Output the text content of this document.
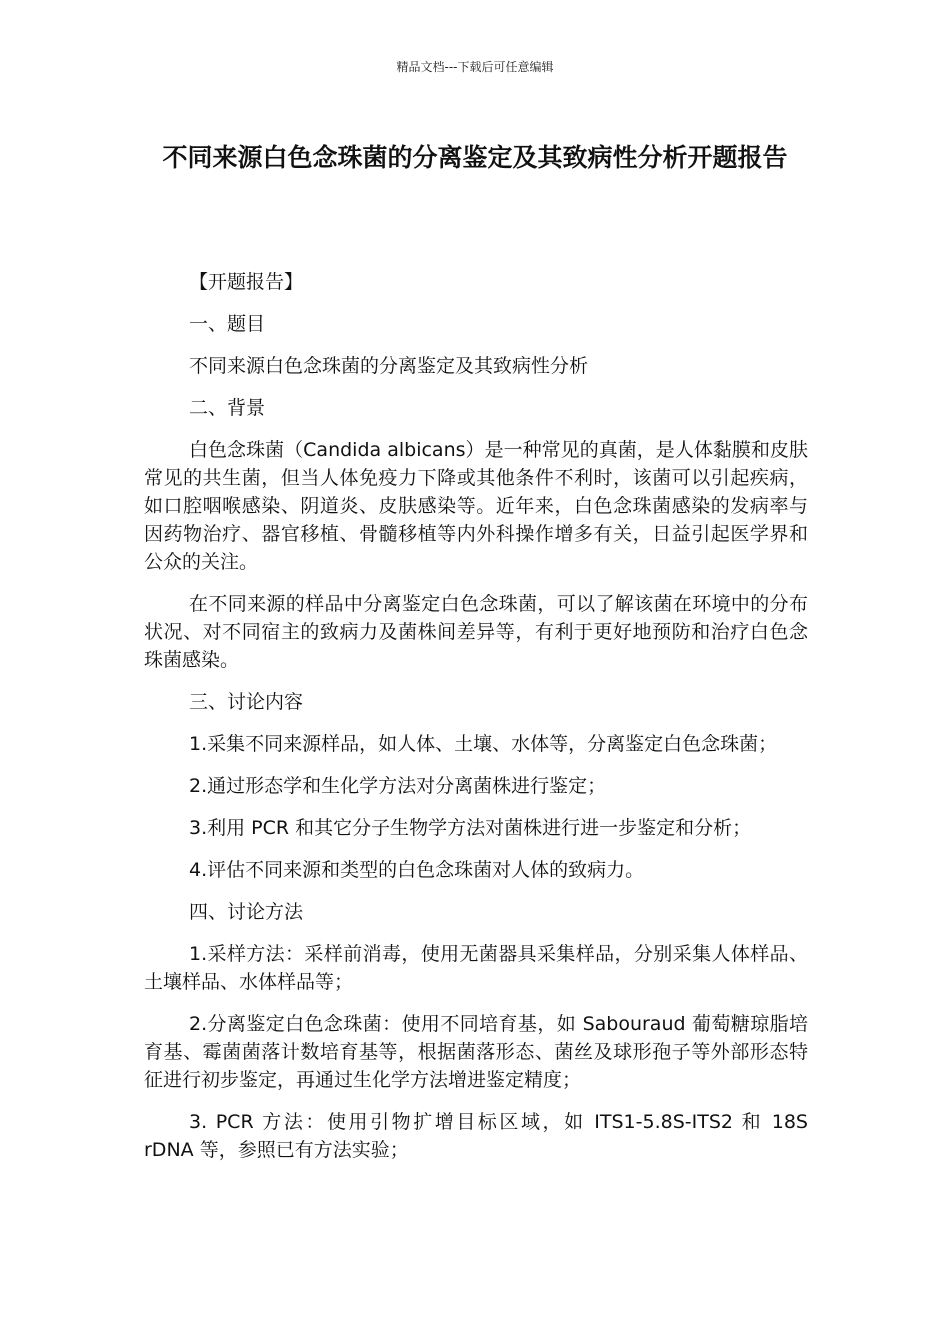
精品文档---下载后可任意编辑
不同来源白色念珠菌的分离鉴定及其致病性分析开题报告

【开题报告】

一、题目

不同来源白色念珠菌的分离鉴定及其致病性分析

二、背景

白色念珠菌（Candida albicans）是一种常见的真菌，是人体黏膜和皮肤常见的共生菌，但当人体免疫力下降或其他条件不利时，该菌可以引起疾病，如口腔咽喉感染、阴道炎、皮肤感染等。近年来，白色念珠菌感染的发病率与因药物治疗、器官移植、骨髓移植等内外科操作增多有关，日益引起医学界和公众的关注。

在不同来源的样品中分离鉴定白色念珠菌，可以了解该菌在环境中的分布状况、对不同宿主的致病力及菌株间差异等，有利于更好地预防和治疗白色念珠菌感染。

三、讨论内容

1.采集不同来源样品，如人体、土壤、水体等，分离鉴定白色念珠菌；

2.通过形态学和生化学方法对分离菌株进行鉴定；

3.利用 PCR 和其它分子生物学方法对菌株进行进一步鉴定和分析；

4.评估不同来源和类型的白色念珠菌对人体的致病力。

四、讨论方法

1.采样方法：采样前消毒，使用无菌器具采集样品，分别采集人体样品、土壤样品、水体样品等；

2.分离鉴定白色念珠菌：使用不同培育基，如 Sabouraud 葡萄糖琼脂培育基、霉菌菌落计数培育基等，根据菌落形态、菌丝及球形孢子等外部形态特征进行初步鉴定，再通过生化学方法增进鉴定精度；

3. PCR 方法：使用引物扩增目标区域，如 ITS1-5.8S-ITS2 和 18S rDNA 等，参照已有方法实验；
